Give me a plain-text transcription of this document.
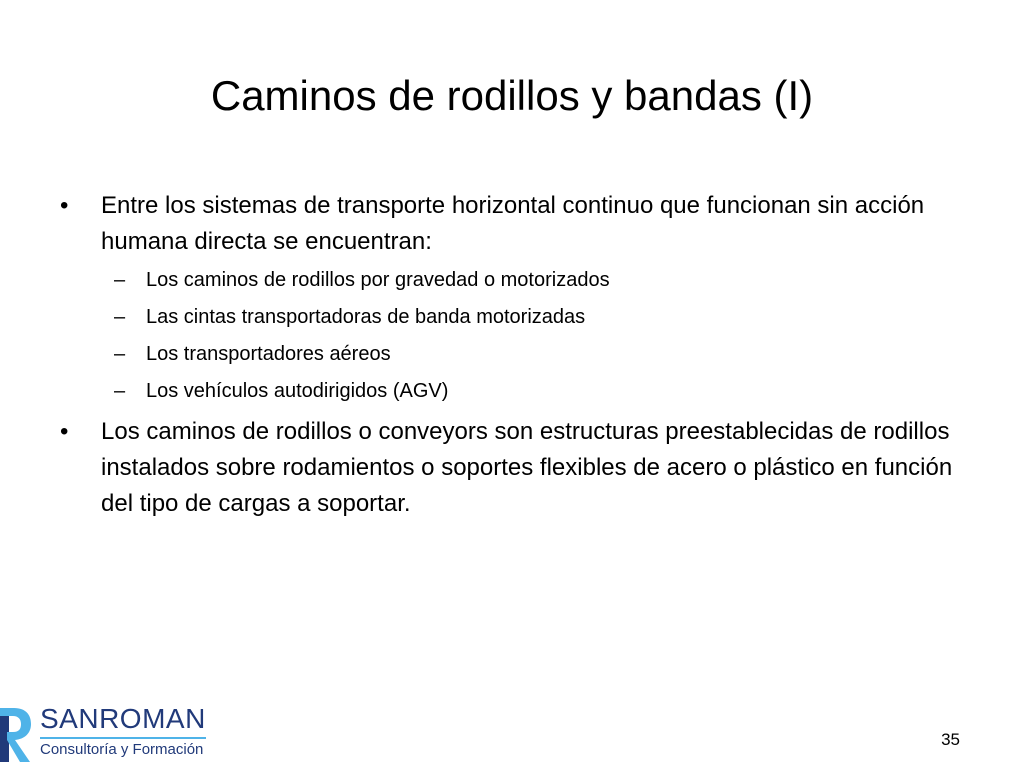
Caminos de rodillos y bandas (I)
• Entre los sistemas de transporte horizontal continuo que funcionan sin acción humana directa se encuentran:
– Los caminos de rodillos por gravedad o motorizados
– Las cintas transportadoras de banda motorizadas
– Los transportadores aéreos
– Los vehículos autodirigidos (AGV)
• Los caminos de rodillos o conveyors son estructuras preestablecidas de rodillos instalados sobre rodamientos o soportes flexibles de acero o plástico en función del tipo de cargas a soportar.
SANROMAN
Consultoría y Formación
35
